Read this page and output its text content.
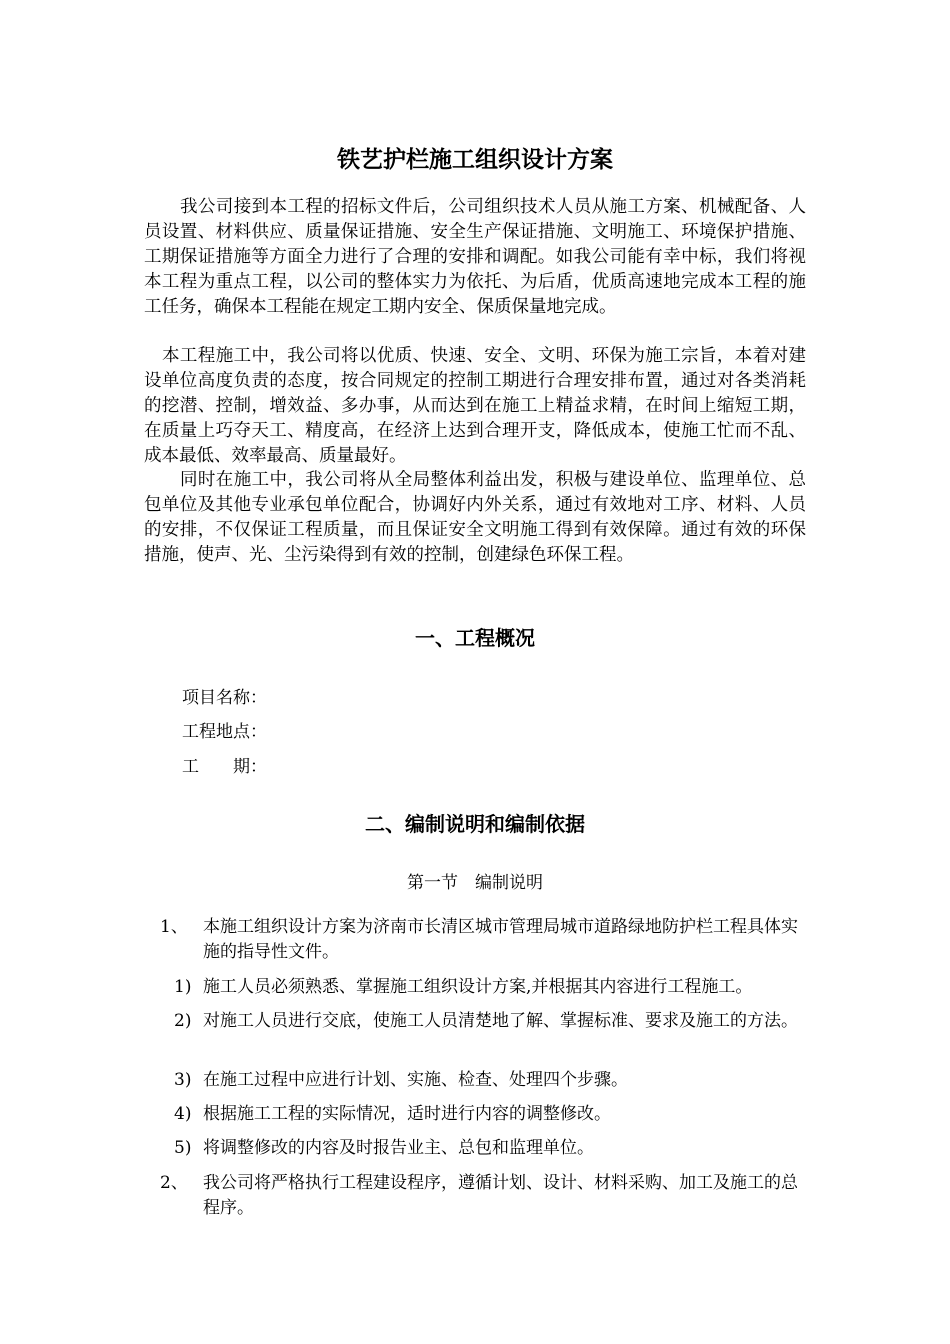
铁艺护栏施工组织设计方案

我公司接到本工程的招标文件后，公司组织技术人员从施工方案、机械配备、人员设置、材料供应、质量保证措施、安全生产保证措施、文明施工、环境保护措施、工期保证措施等方面全力进行了合理的安排和调配。如我公司能有幸中标，我们将视本工程为重点工程，以公司的整体实力为依托、为后盾，优质高速地完成本工程的施工任务，确保本工程能在规定工期内安全、保质保量地完成。

本工程施工中，我公司将以优质、快速、安全、文明、环保为施工宗旨，本着对建设单位高度负责的态度，按合同规定的控制工期进行合理安排布置，通过对各类消耗的挖潜、控制，增效益、多办事，从而达到在施工上精益求精，在时间上缩短工期，在质量上巧夺天工、精度高，在经济上达到合理开支，降低成本，使施工忙而不乱、成本最低、效率最高、质量最好。

同时在施工中，我公司将从全局整体利益出发，积极与建设单位、监理单位、总包单位及其他专业承包单位配合，协调好内外关系，通过有效地对工序、材料、人员的安排，不仅保证工程质量，而且保证安全文明施工得到有效保障。通过有效的环保措施，使声、光、尘污染得到有效的控制，创建绿色环保工程。

一、工程概况

项目名称：

工程地点：

工　　期：

二、编制说明和编制依据

第一节　编制说明

1、 本施工组织设计方案为济南市长清区城市管理局城市道路绿地防护栏工程具体实施的指导性文件。
1) 施工人员必须熟悉、掌握施工组织设计方案,并根据其内容进行工程施工。
2) 对施工人员进行交底，使施工人员清楚地了解、掌握标准、要求及施工的方法。
3) 在施工过程中应进行计划、实施、检查、处理四个步骤。
4) 根据施工工程的实际情况，适时进行内容的调整修改。
5) 将调整修改的内容及时报告业主、总包和监理单位。
2、 我公司将严格执行工程建设程序，遵循计划、设计、材料采购、加工及施工的总程序。
